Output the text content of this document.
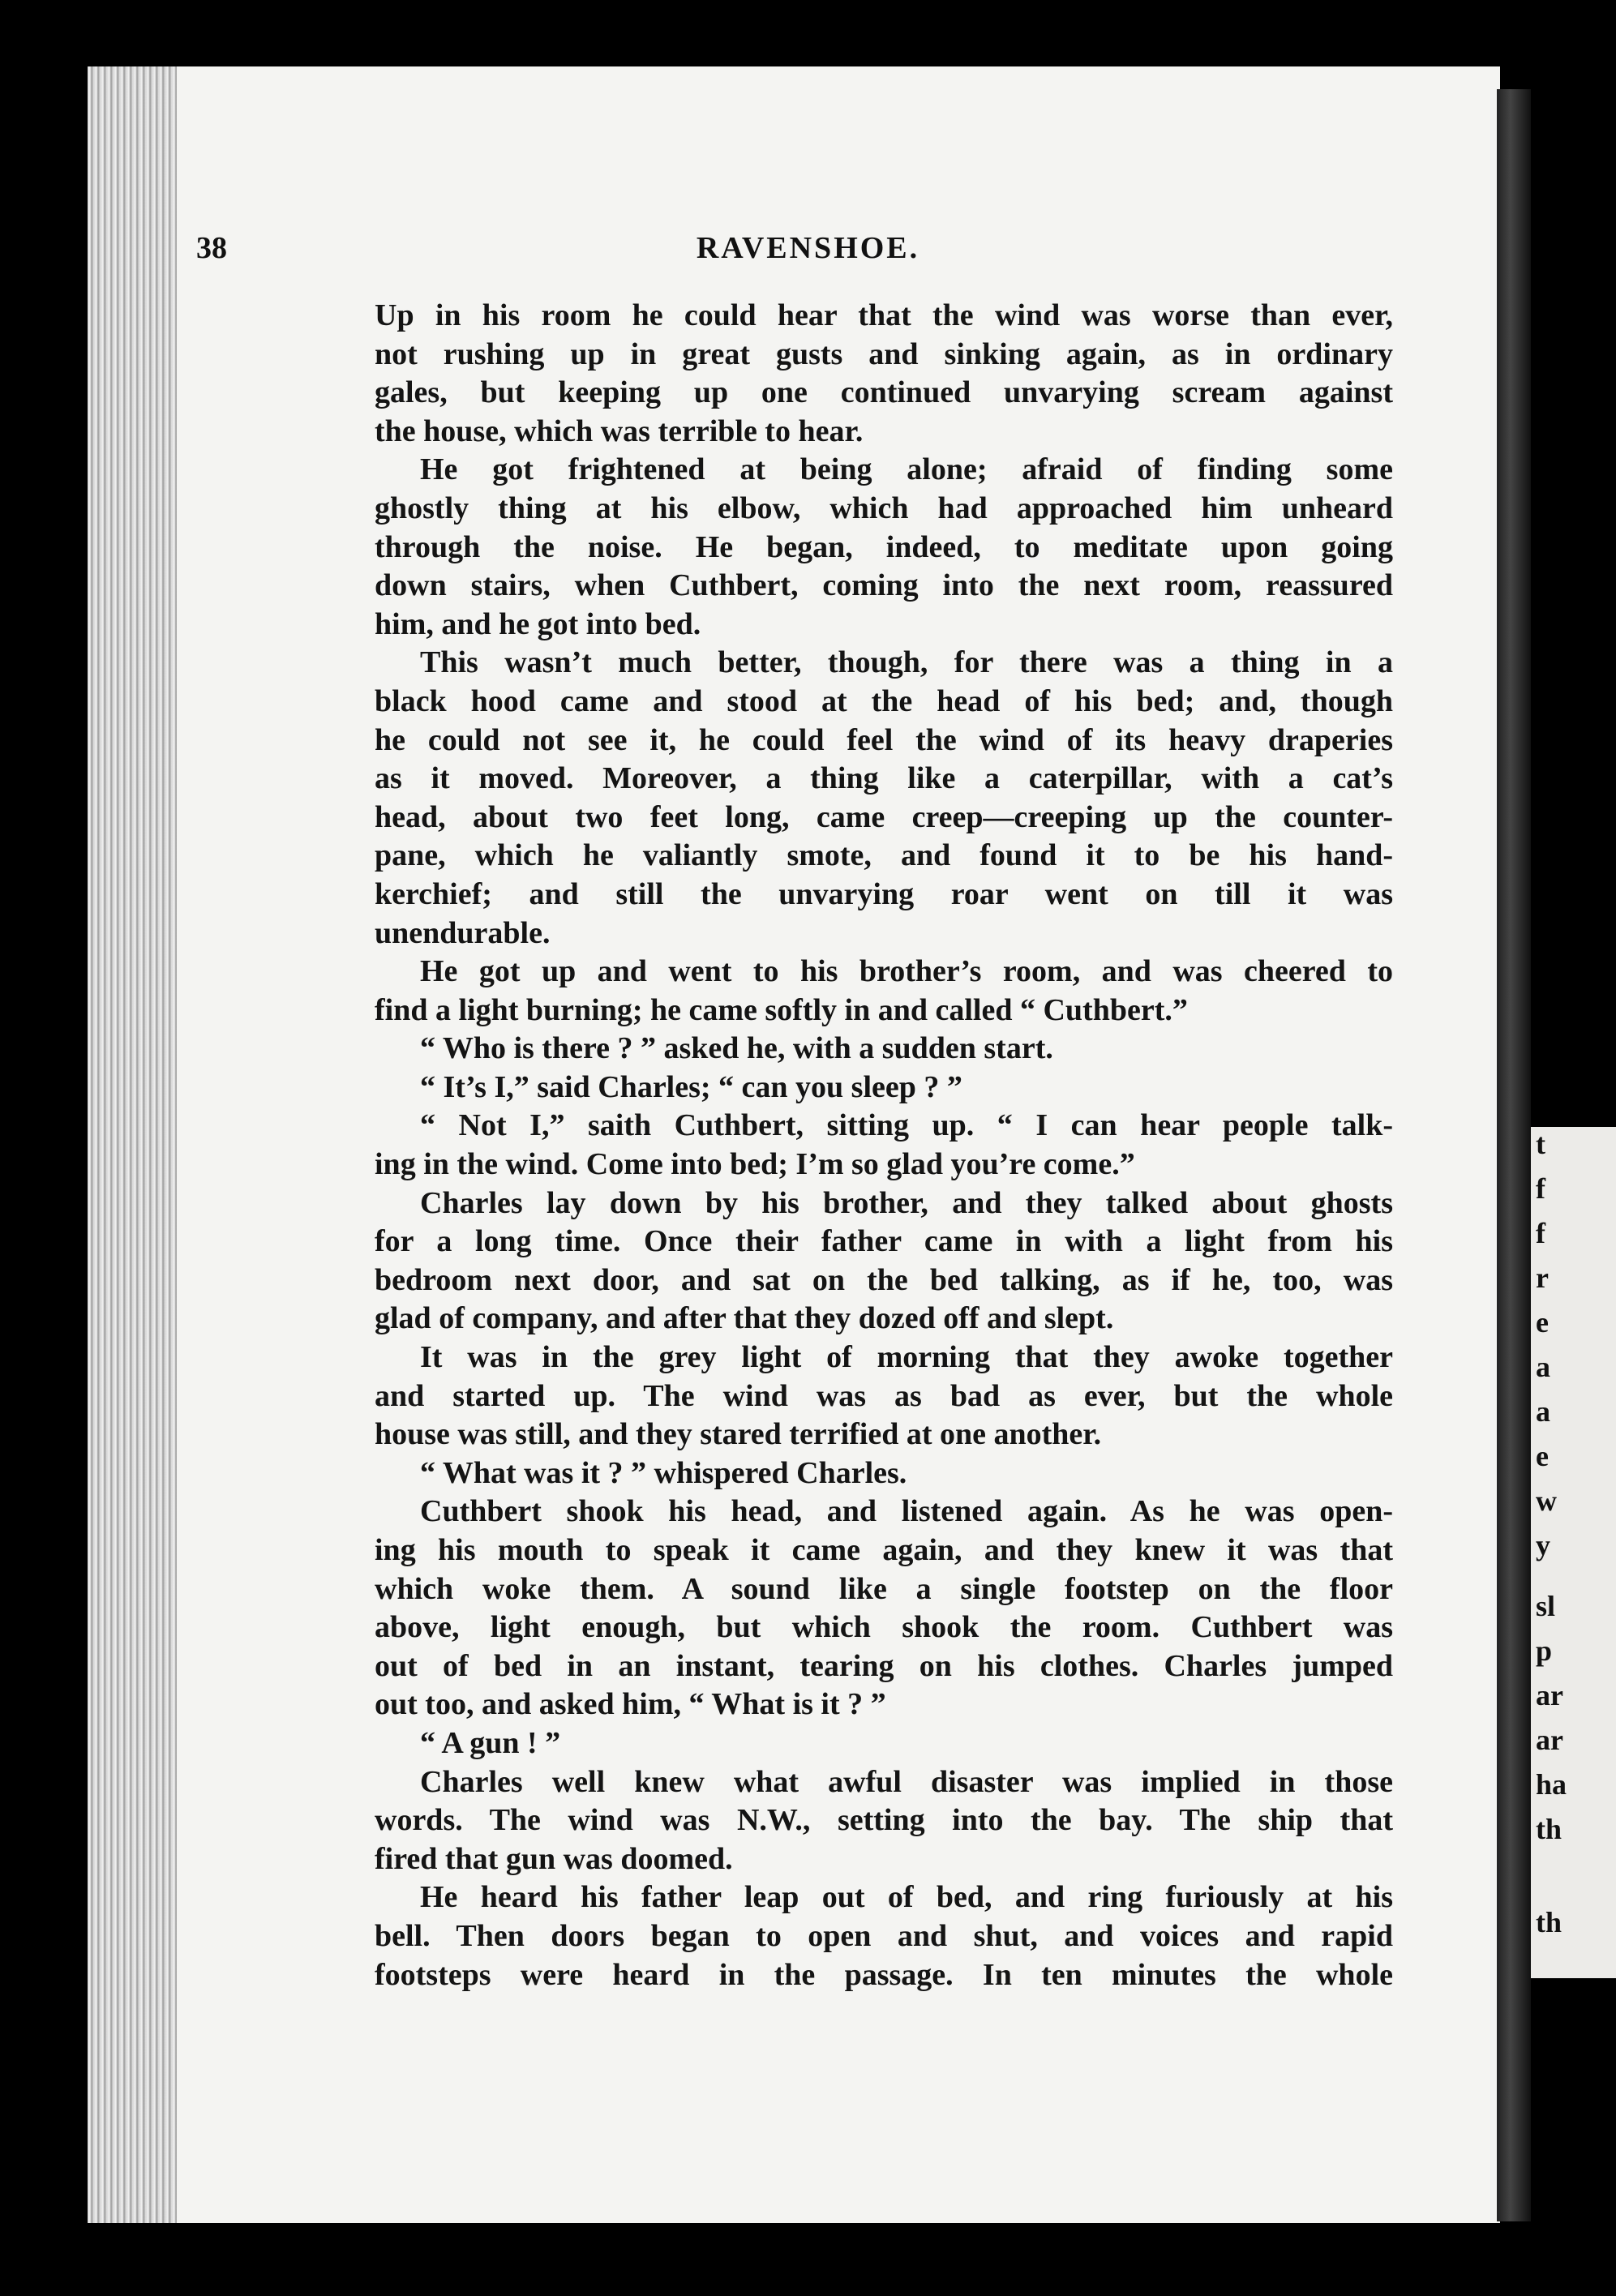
t
f
f
r
e
a
a
e
w
y
sl
p
ar
ar
ha
th
th
38	RAVENSHOE.
Up in his room he could hear that the wind was worse than ever,
not rushing up in great gusts and sinking again, as in ordinary
gales, but keeping up one continued unvarying scream against
the house, which was terrible to hear.
He got frightened at being alone; afraid of finding some
ghostly thing at his elbow, which had approached him unheard
through the noise. He began, indeed, to meditate upon going
down stairs, when Cuthbert, coming into the next room, reassured
him, and he got into bed.
This wasn’t much better, though, for there was a thing in a
black hood came and stood at the head of his bed; and, though
he could not see it, he could feel the wind of its heavy draperies
as it moved. Moreover, a thing like a caterpillar, with a cat’s
head, about two feet long, came creep—creeping up the counter-
pane, which he valiantly smote, and found it to be his hand-
kerchief; and still the unvarying roar went on till it was
unendurable.
He got up and went to his brother’s room, and was cheered to
find a light burning; he came softly in and called “ Cuthbert.”
“ Who is there ? ” asked he, with a sudden start.
“ It’s I,” said Charles; “ can you sleep ? ”
“ Not I,” saith Cuthbert, sitting up. “ I can hear people talk-
ing in the wind. Come into bed; I’m so glad you’re come.”
Charles lay down by his brother, and they talked about ghosts
for a long time. Once their father came in with a light from his
bedroom next door, and sat on the bed talking, as if he, too, was
glad of company, and after that they dozed off and slept.
It was in the grey light of morning that they awoke together
and started up. The wind was as bad as ever, but the whole
house was still, and they stared terrified at one another.
“ What was it ? ” whispered Charles.
Cuthbert shook his head, and listened again. As he was open-
ing his mouth to speak it came again, and they knew it was that
which woke them. A sound like a single footstep on the floor
above, light enough, but which shook the room. Cuthbert was
out of bed in an instant, tearing on his clothes. Charles jumped
out too, and asked him, “ What is it ? ”
“ A gun ! ”
Charles well knew what awful disaster was implied in those
words. The wind was N.W., setting into the bay. The ship that
fired that gun was doomed.
He heard his father leap out of bed, and ring furiously at his
bell. Then doors began to open and shut, and voices and rapid
footsteps were heard in the passage. In ten minutes the whole
